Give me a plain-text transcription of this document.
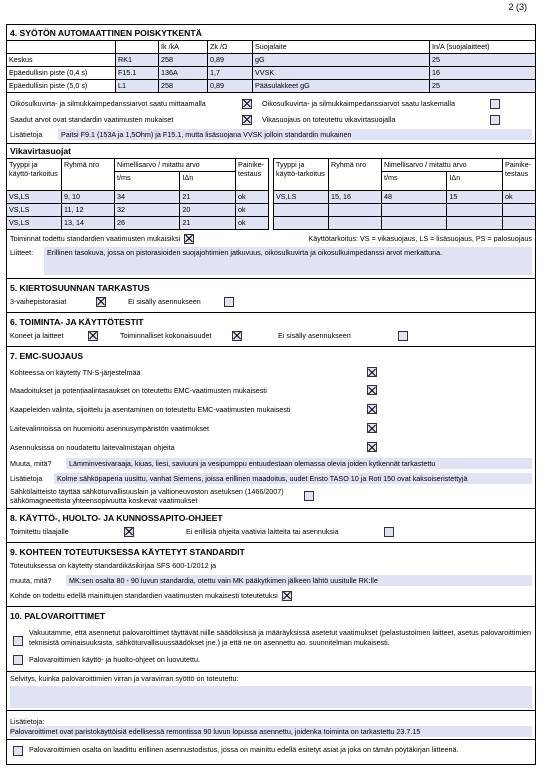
2 (3)
4. SYÖTÖN AUTOMAATTINEN POISKYTKENTÄ
		Ik /kA	Zk /Ω	Suojalaite	In/A (suojalaitteet)
Keskus	RK1	258	0,89	gG	25
Epäedullisin piste (0,4 s)	F15.1	136A	1,7	VVSK	16
Epäedullisin piste (5,0 s)	L1	258	0,89	Pääsulakkeet gG	25
Oikosulkuvirta- ja silmukkaimpedanssiarvot saatu mittaamalla	Oikosulkuvirta- ja silmukkaimpedanssiarvot saatu laskemalla
Saadut arvot ovat standardin vaatimusten mukaiset	Vikasuojaus on toteutettu vikavirtasuojalla
Lisätietoja	Paitsi F9.1 (153A ja 1,5Ohm) ja F15.1, mutta lisäsuojana VVSK jolloin standardin mukainen
Vikavirtasuojat
Tyyppi ja käyttö-tarkoitus	Ryhmä nro	Nimellisarvo / mitattu arvo		Painike-testaus
		t/ms	IΔn	
VS,LS	9, 10	34	21	ok
VS,LS	11, 12	32	20	ok
VS,LS	13, 14	26	21	ok
Tyyppi ja käyttö-tarkoitus	Ryhmä nro	Nimellisarvo / mitattu arvo		Painike-testaus
		t/ms	IΔn	
VS,LS	15, 16	48	15	ok

Toiminnat todettu standardien vaatimusten mukaisiksi	Käyttötarkoitus: VS = vikasuojaus, LS = lisäsuojaus, PS = palosuojaus
Liitteet:	Erillinen tasokuva, jossa on pistorasioiden suojajohtimien jatkuvuus, oikosulkuvirta ja oikosulkuimpedanssi arvot merkattuna.
5. KIERTOSUUNNAN TARKASTUS
3-vaihepistorasiat	Ei sisälly asennukseen
6. TOIMINTA- JA KÄYTTÖTESTIT
Koneet ja laitteet	Toiminnalliset kokonaisuudet	Ei sisälly asennukseen
7. EMC-SUOJAUS
Kohteessa on käytetty TN-S-järjestelmää
Maadoitukset ja potentiaalintasaukset on toteutettu EMC-vaatimusten mukaisesti
Kaapeleiden valinta, sijoittelu ja asentaminen on toteutettu EMC-vaatimusten mukaisesti
Laitevalinnoissa on huomioitu asennusympäristön vaatimukset
Asennuksissa on noudatettu laitevalmistajan ohjeita
Muuta, mitä?	Lämminvesivaraaja, kiuas, liesi, saviuuni ja vesipumppu entuudestaan olemassa olevia joiden kytkennät tarkastettu
Lisätietoja	Kolme sähköpaperia uusittu, vanhat Siemens, joissa erillinen maadoitus, uudet Ensto TASO 10 ja Roti 150 ovat kaksoiseristettyjä
Sähkölaitteisto täyttää sähköturvallisuuslain ja valtioneuvoston asetuksen (1466/2007) sähkömagneettista yhteensopivuutta koskevat vaatimukset
8. KÄYTTÖ-, HUOLTO- JA KUNNOSSAPITO-OHJEET
Toimitettu tilaajalle	Ei erillisiä ohjeita vaativia laitteita tai asennuksia
9. KOHTEEN TOTEUTUKSESSA KÄYTETYT STANDARDIT
Toteutuksessa on käytetty standardikäsikirjaa SFS 600-1/2012 ja
muuta, mitä?	MK:sen osalta 80 - 90 luvun standardia, otettu vain MK pääkytkimen jälkeen lähtö uusitulle RK:lle
Kohde on todettu edellä mainittujen standardien vaatimusten mukaisesti toteutetuksi
10. PALOVAROITTIMET
Vakuutamme, että asennetut palovaroittimet täyttävät niille säädöksissä ja määräyksissä asetetut vaatimukset (pelastustoimen laitteet, asetus palovaroittimien teknisistä ominaisuuksista, sähköturvallisuussäädökset jne.) ja että ne on asennettu ao. suunnitelman mukaisesti.
Palovaroittimien käyttö- ja huolto-ohjeet on luovutettu.
Selvitys, kuinka palovaroittimien virran ja varavirran syöttö on toteutettu:
Lisätietoja:
Palovaroittimet ovat paristokäyttöisiä edellisessä remontissa 90 luvun lopussa asennettu, joidenka toiminta on tarkastettu 23.7.15
Palovaroittimien osalta on laadittu erillinen asennustodistus, jossa on mainittu edellä esitetyt asiat ja joka on tämän pöytäkirjan liitteenä.
